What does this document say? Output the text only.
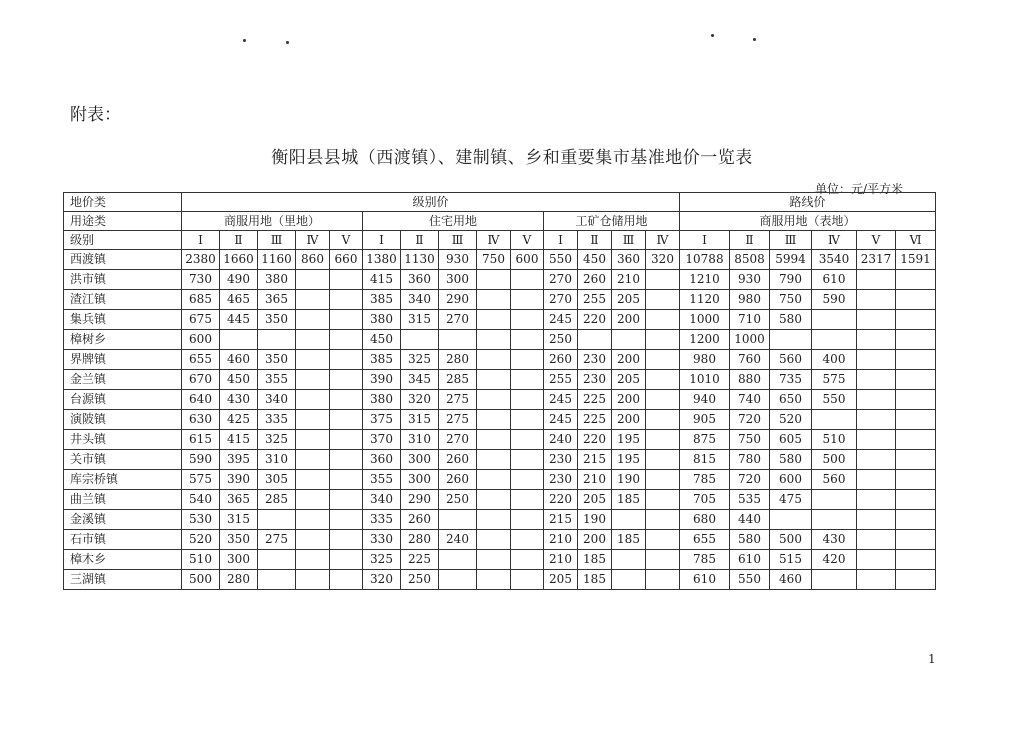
附表：
衡阳县县城（西渡镇）、建制镇、乡和重要集市基准地价一览表
单位：元/平方米
地价类	级别价														路线价					
用途类	商服用地（里地）					住宅用地					工矿仓储用地				商服用地（表地）					
级别	Ⅰ	Ⅱ	Ⅲ	Ⅳ	Ⅴ	Ⅰ	Ⅱ	Ⅲ	Ⅳ	Ⅴ	Ⅰ	Ⅱ	Ⅲ	Ⅳ	Ⅰ	Ⅱ	Ⅲ	Ⅳ	Ⅴ	Ⅵ
西渡镇	2380	1660	1160	860	660	1380	1130	930	750	600	550	450	360	320	10788	8508	5994	3540	2317	1591
洪市镇	730	490	380			415	360	300			270	260	210		1210	930	790	610		
渣江镇	685	465	365			385	340	290			270	255	205		1120	980	750	590		
集兵镇	675	445	350			380	315	270			245	220	200		1000	710	580			
樟树乡	600					450					250				1200	1000				
界牌镇	655	460	350			385	325	280			260	230	200		980	760	560	400		
金兰镇	670	450	355			390	345	285			255	230	205		1010	880	735	575		
台源镇	640	430	340			380	320	275			245	225	200		940	740	650	550		
演陂镇	630	425	335			375	315	275			245	225	200		905	720	520			
井头镇	615	415	325			370	310	270			240	220	195		875	750	605	510		
关市镇	590	395	310			360	300	260			230	215	195		815	780	580	500		
库宗桥镇	575	390	305			355	300	260			230	210	190		785	720	600	560		
曲兰镇	540	365	285			340	290	250			220	205	185		705	535	475			
金溪镇	530	315				335	260				215	190			680	440				
石市镇	520	350	275			330	280	240			210	200	185		655	580	500	430		
樟木乡	510	300				325	225				210	185			785	610	515	420		
三湖镇	500	280				320	250				205	185			610	550	460			
1
